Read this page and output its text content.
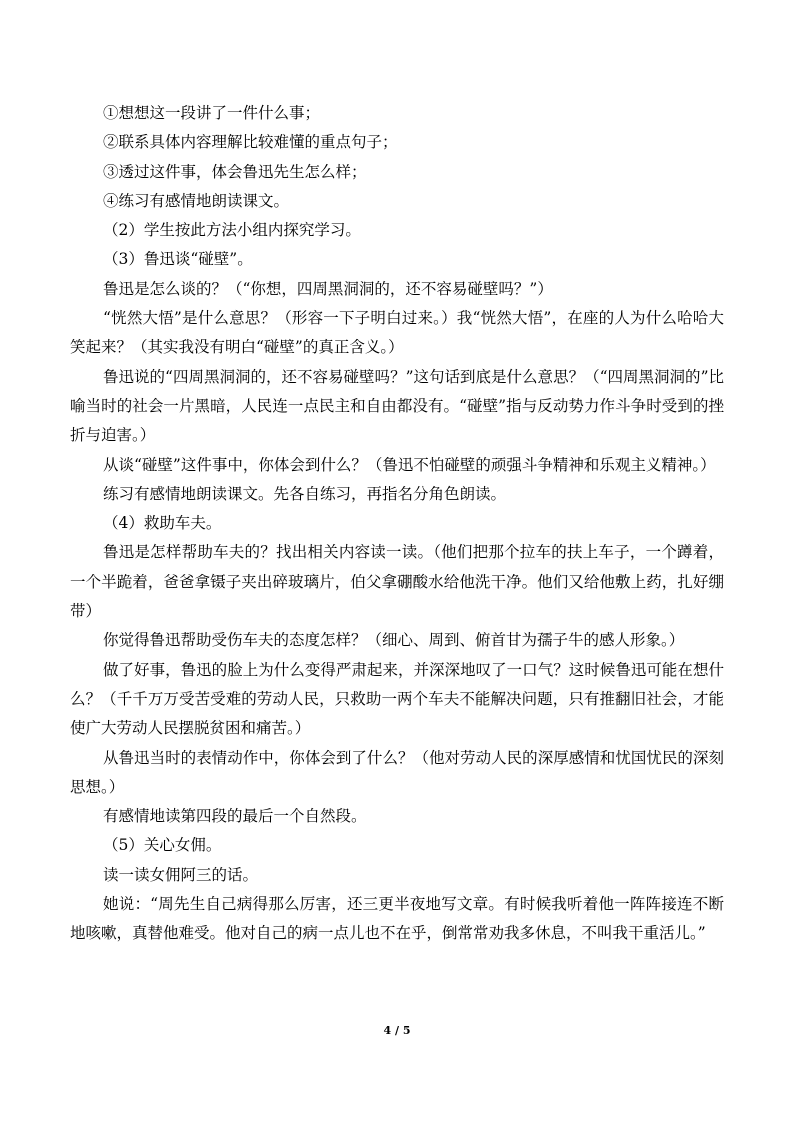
①想想这一段讲了一件什么事；

②联系具体内容理解比较难懂的重点句子；

③透过这件事，体会鲁迅先生怎么样；

④练习有感情地朗读课文。

（2）学生按此方法小组内探究学习。

（3）鲁迅谈“碰壁”。

鲁迅是怎么谈的？（“你想，四周黑洞洞的，还不容易碰壁吗？”）

“恍然大悟”是什么意思？（形容一下子明白过来。）我“恍然大悟”，在座的人为什么哈哈大笑起来？（其实我没有明白“碰壁”的真正含义。）

鲁迅说的“四周黑洞洞的，还不容易碰壁吗？”这句话到底是什么意思？（“四周黑洞洞的”比喻当时的社会一片黑暗，人民连一点民主和自由都没有。“碰壁”指与反动势力作斗争时受到的挫折与迫害。）

从谈“碰壁”这件事中，你体会到什么？（鲁迅不怕碰壁的顽强斗争精神和乐观主义精神。）

练习有感情地朗读课文。先各自练习，再指名分角色朗读。

（4）救助车夫。

鲁迅是怎样帮助车夫的？找出相关内容读一读。（他们把那个拉车的扶上车子，一个蹲着，一个半跪着，爸爸拿镊子夹出碎玻璃片，伯父拿硼酸水给他洗干净。他们又给他敷上药，扎好绷带）

你觉得鲁迅帮助受伤车夫的态度怎样？（细心、周到、俯首甘为孺子牛的感人形象。）

做了好事，鲁迅的脸上为什么变得严肃起来，并深深地叹了一口气？这时候鲁迅可能在想什么？（千千万万受苦受难的劳动人民，只救助一两个车夫不能解决问题，只有推翻旧社会，才能使广大劳动人民摆脱贫困和痛苦。）

从鲁迅当时的表情动作中，你体会到了什么？（他对劳动人民的深厚感情和忧国忧民的深刻思想。）

有感情地读第四段的最后一个自然段。

（5）关心女佣。

读一读女佣阿三的话。

她说：“周先生自己病得那么厉害，还三更半夜地写文章。有时候我听着他一阵阵接连不断地咳嗽，真替他难受。他对自己的病一点儿也不在乎，倒常常劝我多休息，不叫我干重活儿。”

4 / 5
